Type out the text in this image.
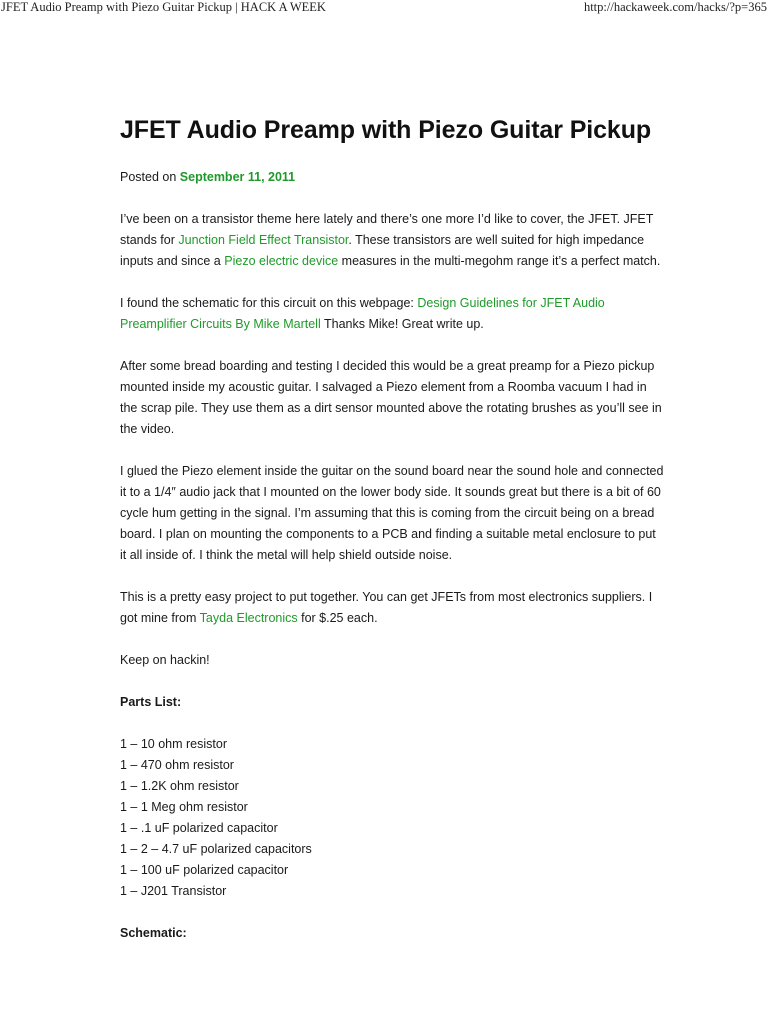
JFET Audio Preamp with Piezo Guitar Pickup | HACK A WEEK	http://hackaweek.com/hacks/?p=365
JFET Audio Preamp with Piezo Guitar Pickup
Posted on September 11, 2011

I’ve been on a transistor theme here lately and there’s one more I’d like to cover, the JFET. JFET stands for Junction Field Effect Transistor. These transistors are well suited for high impedance inputs and since a Piezo electric device measures in the multi-megohm range it’s a perfect match.

I found the schematic for this circuit on this webpage: Design Guidelines for JFET Audio Preamplifier Circuits By Mike Martell Thanks Mike! Great write up.

After some bread boarding and testing I decided this would be a great preamp for a Piezo pickup mounted inside my acoustic guitar. I salvaged a Piezo element from a Roomba vacuum I had in the scrap pile. They use them as a dirt sensor mounted above the rotating brushes as you’ll see in the video.

I glued the Piezo element inside the guitar on the sound board near the sound hole and connected it to a 1/4″ audio jack that I mounted on the lower body side. It sounds great but there is a bit of 60 cycle hum getting in the signal. I’m assuming that this is coming from the circuit being on a bread board. I plan on mounting the components to a PCB and finding a suitable metal enclosure to put it all inside of. I think the metal will help shield outside noise.

This is a pretty easy project to put together. You can get JFETs from most electronics suppliers. I got mine from Tayda Electronics for $.25 each.

Keep on hackin!

Parts List:

1 – 10 ohm resistor
1 – 470 ohm resistor
1 – 1.2K ohm resistor
1 – 1 Meg ohm resistor
1 – .1 uF polarized capacitor
1 – 2 – 4.7 uF polarized capacitors
1 – 100 uF polarized capacitor
1 – J201 Transistor

Schematic:
